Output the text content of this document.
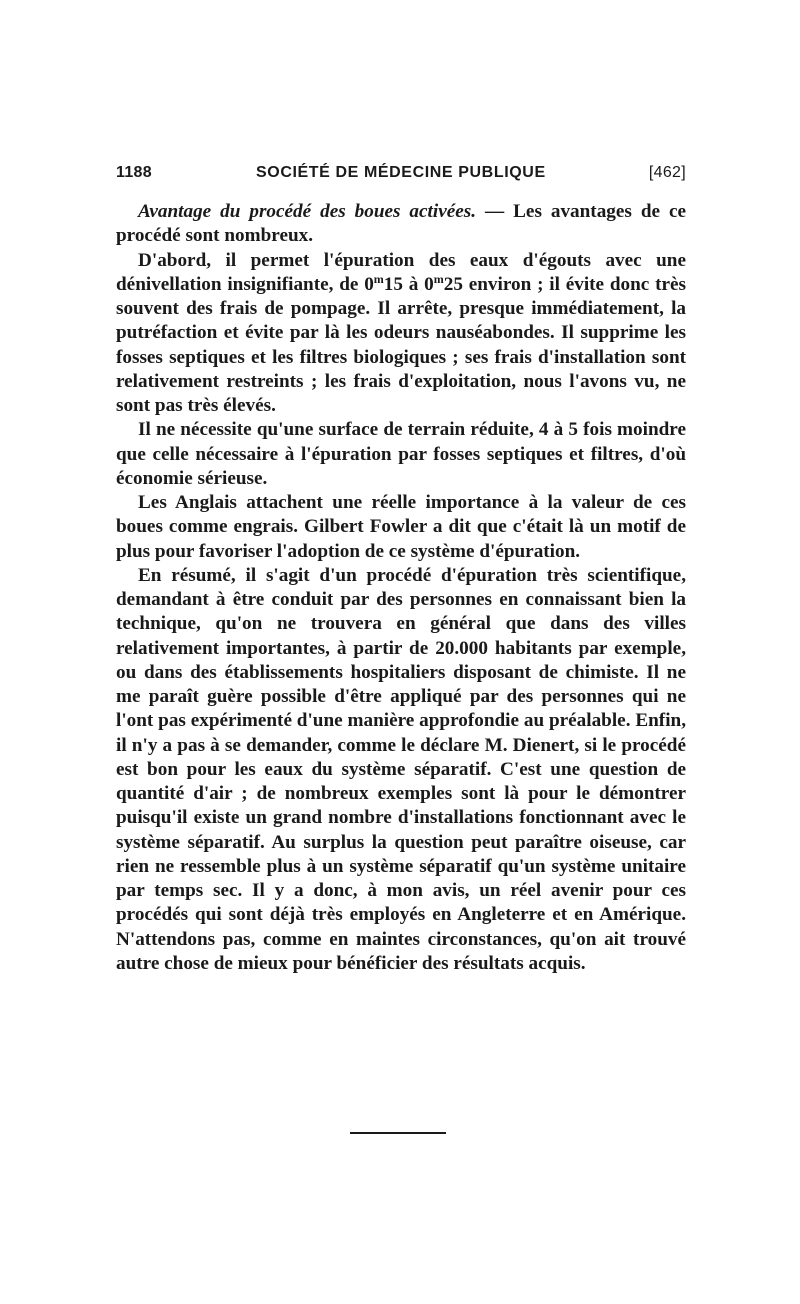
1188	SOCIÉTÉ DE MÉDECINE PUBLIQUE	[462]

Avantage du procédé des boues activées. — Les avantages de ce procédé sont nombreux.

D'abord, il permet l'épuration des eaux d'égouts avec une dénivellation insignifiante, de 0$^m$15 à 0$^m$25 environ ; il évite donc très souvent des frais de pompage. Il arrête, presque immédiatement, la putréfaction et évite par là les odeurs nauséabondes. Il supprime les fosses septiques et les filtres biologiques ; ses frais d'installation sont relativement restreints ; les frais d'exploitation, nous l'avons vu, ne sont pas très élevés.

Il ne nécessite qu'une surface de terrain réduite, 4 à 5 fois moindre que celle nécessaire à l'épuration par fosses septiques et filtres, d'où économie sérieuse.

Les Anglais attachent une réelle importance à la valeur de ces boues comme engrais. Gilbert Fowler a dit que c'était là un motif de plus pour favoriser l'adoption de ce système d'épuration.

En résumé, il s'agit d'un procédé d'épuration très scientifique, demandant à être conduit par des personnes en connaissant bien la technique, qu'on ne trouvera en général que dans des villes relativement importantes, à partir de 20.000 habitants par exemple, ou dans des établissements hospitaliers disposant de chimiste. Il ne me paraît guère possible d'être appliqué par des personnes qui ne l'ont pas expérimenté d'une manière approfondie au préalable. Enfin, il n'y a pas à se demander, comme le déclare M. Dienert, si le procédé est bon pour les eaux du système séparatif. C'est une question de quantité d'air ; de nombreux exemples sont là pour le démontrer puisqu'il existe un grand nombre d'installations fonctionnant avec le système séparatif. Au surplus la question peut paraître oiseuse, car rien ne ressemble plus à un système séparatif qu'un système unitaire par temps sec. Il y a donc, à mon avis, un réel avenir pour ces procédés qui sont déjà très employés en Angleterre et en Amérique. N'attendons pas, comme en maintes circonstances, qu'on ait trouvé autre chose de mieux pour bénéficier des résultats acquis.
